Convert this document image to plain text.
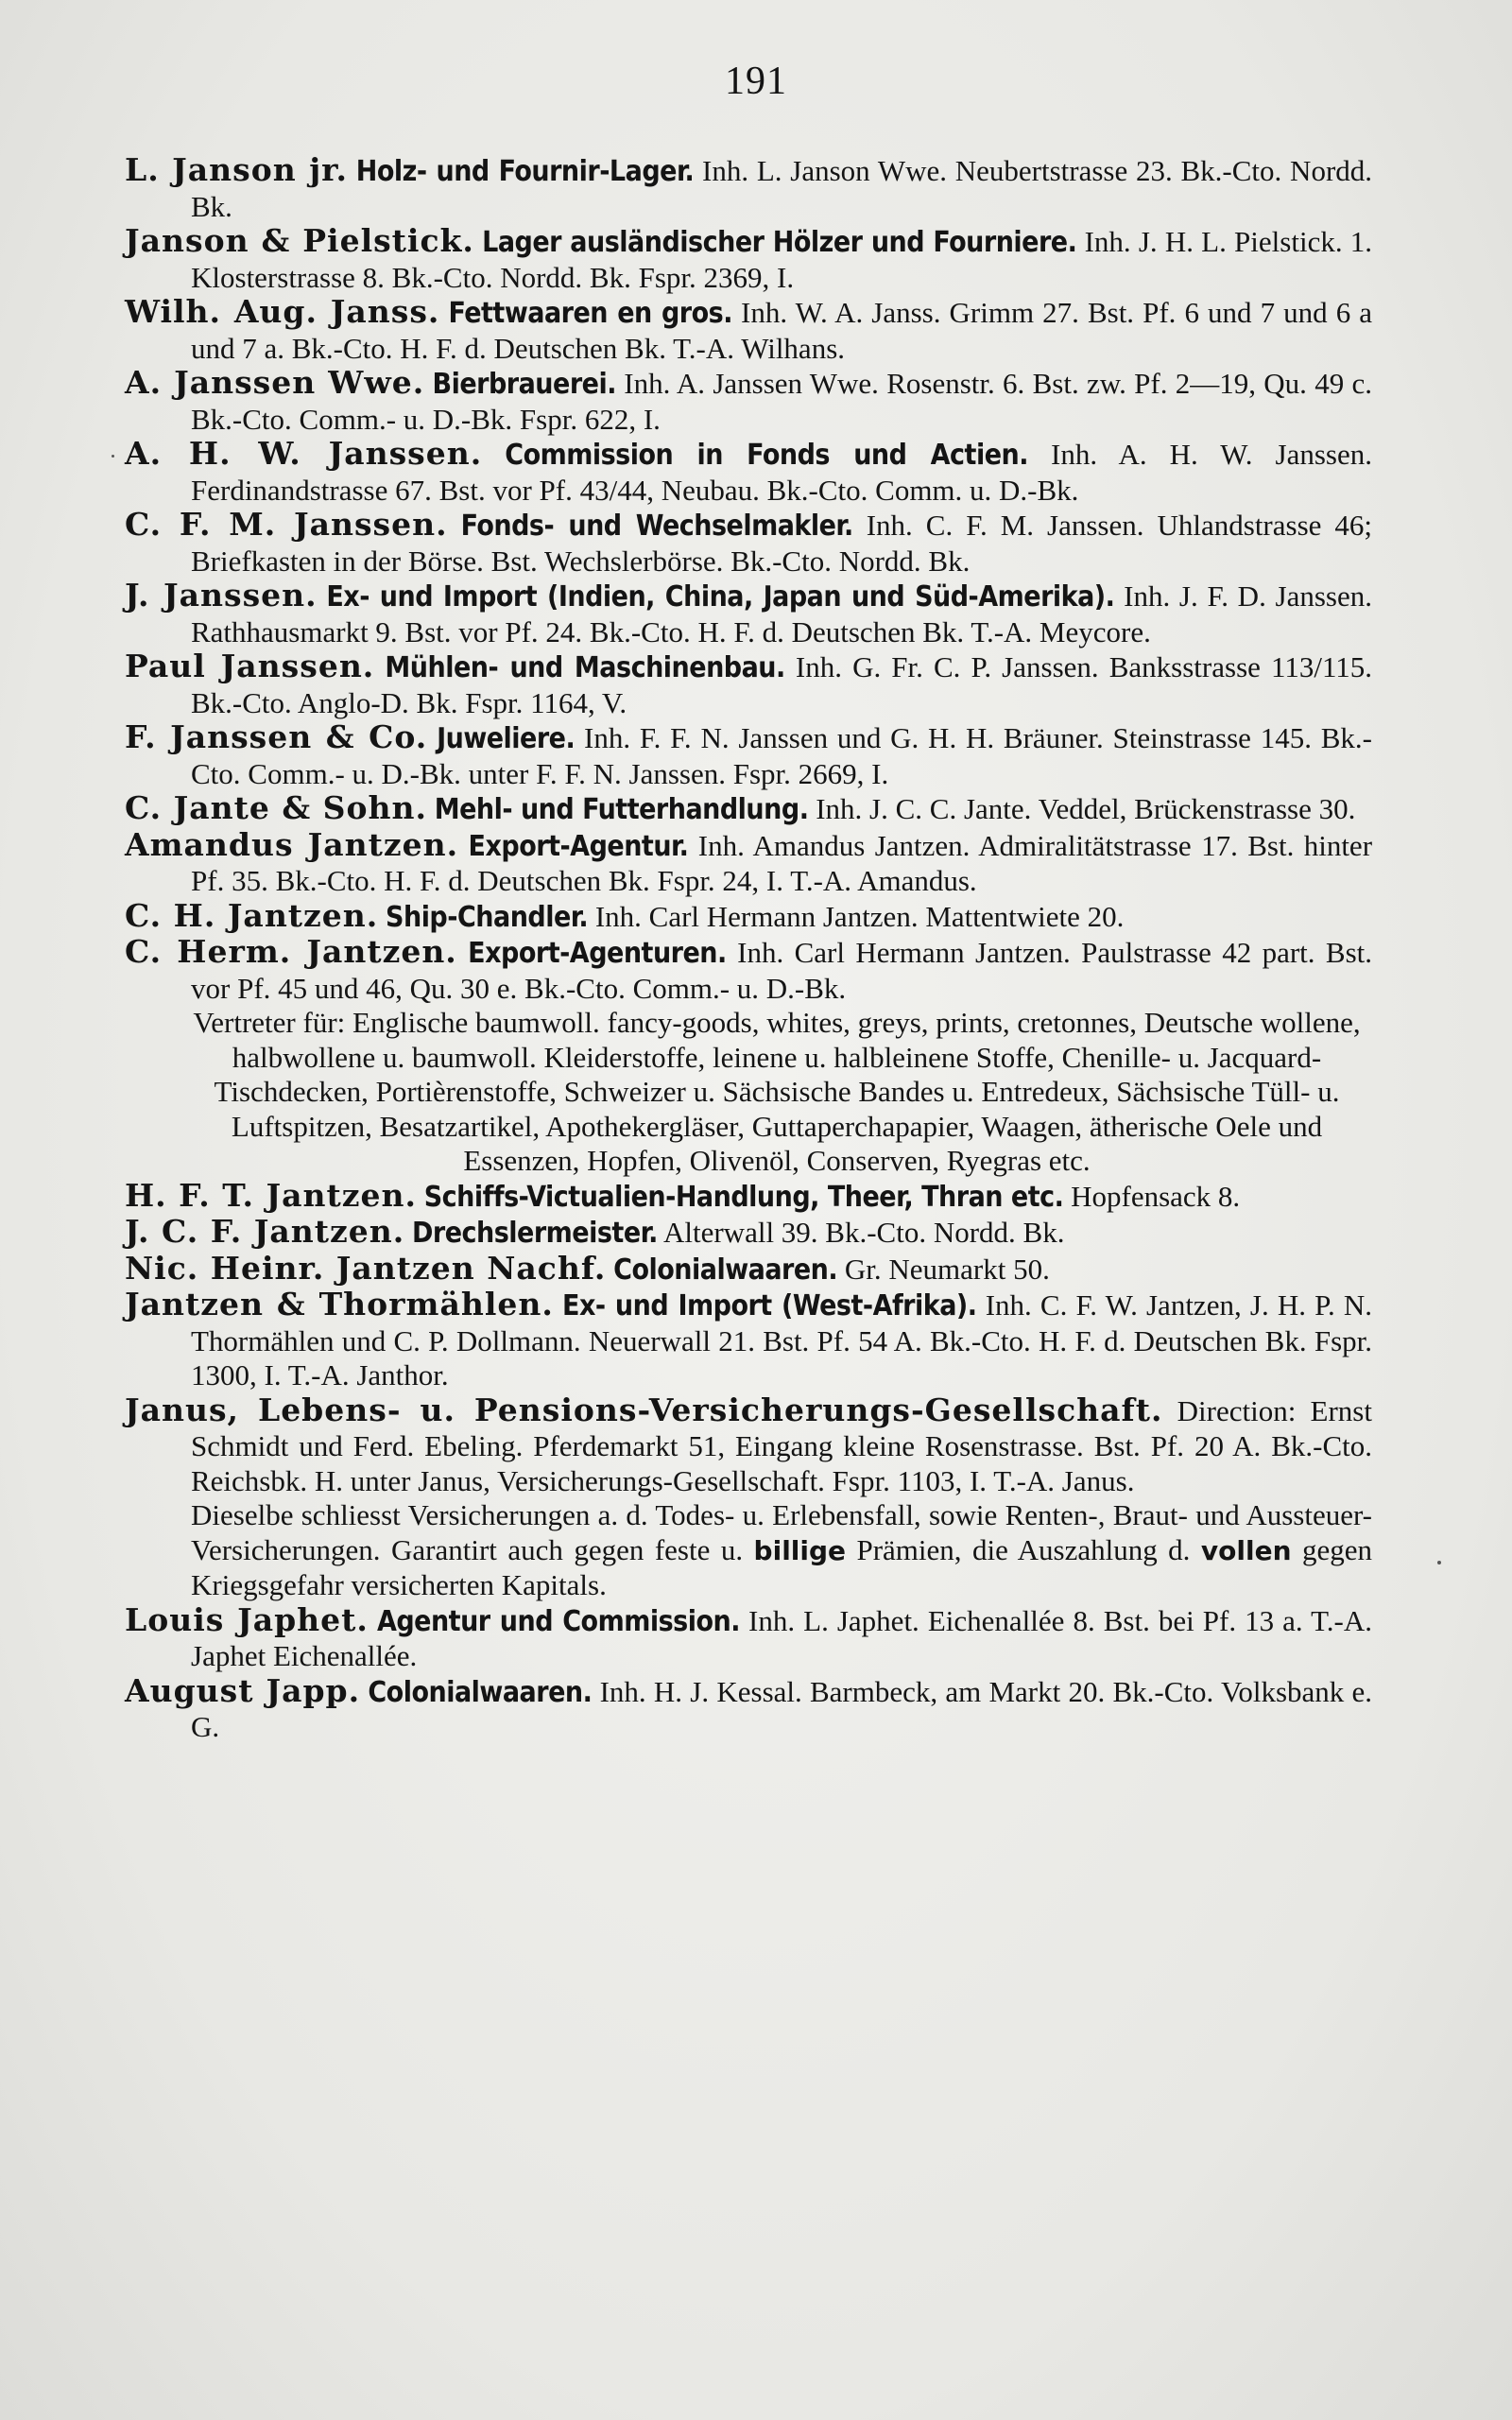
191
L. Janson jr. Holz- und Fournir-Lager. Inh. L. Janson Wwe. Neubertstrasse 23. Bk.-Cto. Nordd. Bk.
Janson & Pielstick. Lager ausländischer Hölzer und Fourniere. Inh. J. H. L. Pielstick. 1. Klosterstrasse 8. Bk.-Cto. Nordd. Bk. Fspr. 2369, I.
Wilh. Aug. Janss. Fettwaaren en gros. Inh. W. A. Janss. Grimm 27. Bst. Pf. 6 und 7 und 6 a und 7 a. Bk.-Cto. H. F. d. Deutschen Bk. T.-A. Wilhans.
A. Janssen Wwe. Bierbrauerei. Inh. A. Janssen Wwe. Rosenstr. 6. Bst. zw. Pf. 2—19, Qu. 49 c. Bk.-Cto. Comm.- u. D.-Bk. Fspr. 622, I.
A. H. W. Janssen. Commission in Fonds und Actien. Inh. A. H. W. Janssen. Ferdinandstrasse 67. Bst. vor Pf. 43/44, Neubau. Bk.-Cto. Comm. u. D.-Bk.
C. F. M. Janssen. Fonds- und Wechselmakler. Inh. C. F. M. Janssen. Uhlandstrasse 46; Briefkasten in der Börse. Bst. Wechslerbörse. Bk.-Cto. Nordd. Bk.
J. Janssen. Ex- und Import (Indien, China, Japan und Süd-Amerika). Inh. J. F. D. Janssen. Rathhausmarkt 9. Bst. vor Pf. 24. Bk.-Cto. H. F. d. Deutschen Bk. T.-A. Meycore.
Paul Janssen. Mühlen- und Maschinenbau. Inh. G. Fr. C. P. Janssen. Banksstrasse 113/115. Bk.-Cto. Anglo-D. Bk. Fspr. 1164, V.
F. Janssen & Co. Juweliere. Inh. F. F. N. Janssen und G. H. H. Bräuner. Steinstrasse 145. Bk.-Cto. Comm.- u. D.-Bk. unter F. F. N. Janssen. Fspr. 2669, I.
C. Jante & Sohn. Mehl- und Futterhandlung. Inh. J. C. C. Jante. Veddel, Brückenstrasse 30.
Amandus Jantzen. Export-Agentur. Inh. Amandus Jantzen. Admiralitätstrasse 17. Bst. hinter Pf. 35. Bk.-Cto. H. F. d. Deutschen Bk. Fspr. 24, I. T.-A. Amandus.
C. H. Jantzen. Ship-Chandler. Inh. Carl Hermann Jantzen. Mattentwiete 20.
C. Herm. Jantzen. Export-Agenturen. Inh. Carl Hermann Jantzen. Paulstrasse 42 part. Bst. vor Pf. 45 und 46, Qu. 30 e. Bk.-Cto. Comm.- u. D.-Bk.
Vertreter für: Englische baumwoll. fancy-goods, whites, greys, prints, cretonnes, Deutsche wollene, halbwollene u. baumwoll. Kleiderstoffe, leinene u. halbleinene Stoffe, Chenille- u. Jacquard-Tischdecken, Portièrenstoffe, Schweizer u. Sächsische Bandes u. Entredeux, Sächsische Tüll- u. Luftspitzen, Besatzartikel, Apothekergläser, Guttaperchapapier, Waagen, ätherische Oele und Essenzen, Hopfen, Olivenöl, Conserven, Ryegras etc.
H. F. T. Jantzen. Schiffs-Victualien-Handlung, Theer, Thran etc. Hopfensack 8.
J. C. F. Jantzen. Drechslermeister. Alterwall 39. Bk.-Cto. Nordd. Bk.
Nic. Heinr. Jantzen Nachf. Colonialwaaren. Gr. Neumarkt 50.
Jantzen & Thormählen. Ex- und Import (West-Afrika). Inh. C. F. W. Jantzen, J. H. P. N. Thormählen und C. P. Dollmann. Neuerwall 21. Bst. Pf. 54 A. Bk.-Cto. H. F. d. Deutschen Bk. Fspr. 1300, I. T.-A. Janthor.
Janus, Lebens- u. Pensions-Versicherungs-Gesellschaft. Direction: Ernst Schmidt und Ferd. Ebeling. Pferdemarkt 51, Eingang kleine Rosenstrasse. Bst. Pf. 20 A. Bk.-Cto. Reichsbk. H. unter Janus, Versicherungs-Gesellschaft. Fspr. 1103, I. T.-A. Janus.
Dieselbe schliesst Versicherungen a. d. Todes- u. Erlebensfall, sowie Renten-, Braut- und Aussteuer-Versicherungen. Garantirt auch gegen feste u. billige Prämien, die Auszahlung d. vollen gegen Kriegsgefahr versicherten Kapitals.
Louis Japhet. Agentur und Commission. Inh. L. Japhet. Eichenallée 8. Bst. bei Pf. 13 a. T.-A. Japhet Eichenallée.
August Japp. Colonialwaaren. Inh. H. J. Kessal. Barmbeck, am Markt 20. Bk.-Cto. Volksbank e. G.
